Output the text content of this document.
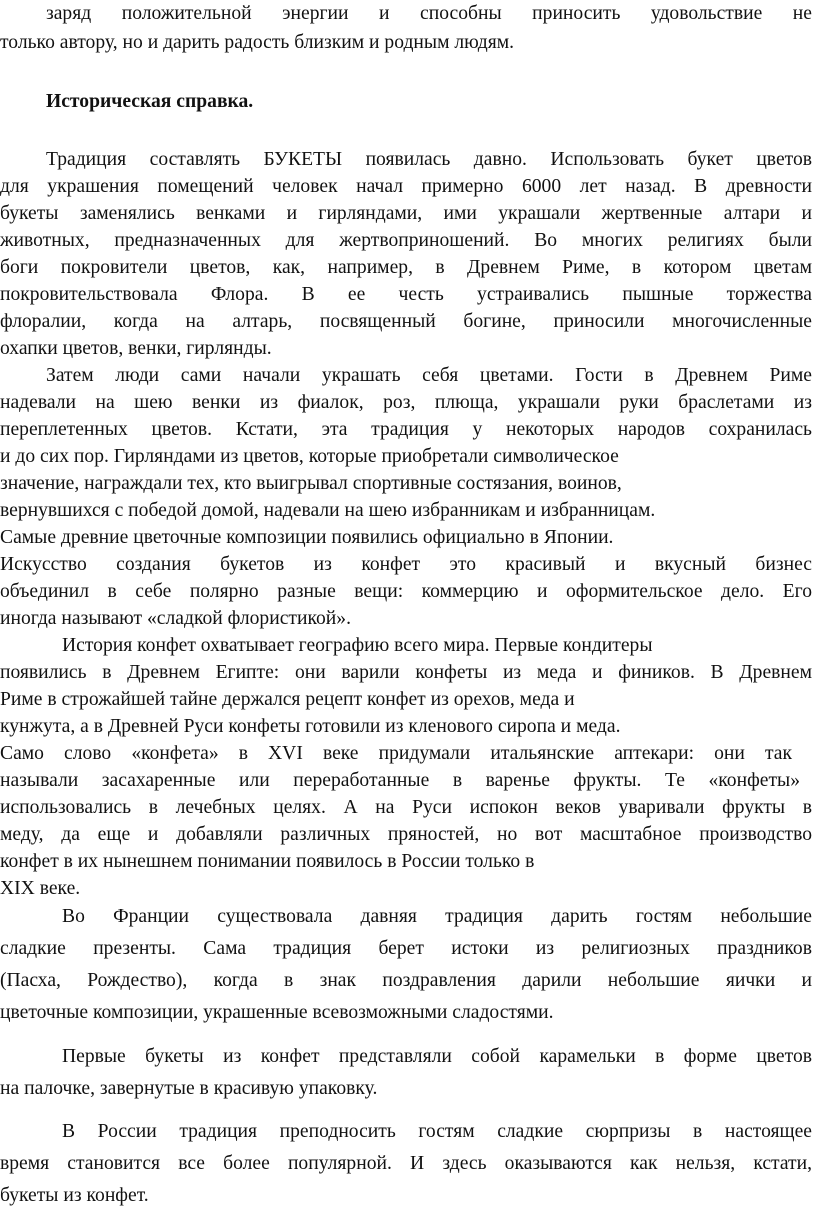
заряд положительной энергии и способны приносить удовольствие не
только автору, но и дарить радость близким и родным людям.
Историческая справка.
Традиция составлять БУКЕТЫ появилась давно. Использовать букет цветов
для украшения помещений человек начал примерно 6000 лет назад. В древности
букеты заменялись венками и гирляндами, ими украшали жертвенные алтари и
животных, предназначенных для жертвоприношений. Во многих религиях были
боги покровители цветов, как, например, в Древнем Риме, в котором цветам
покровительствовала Флора. В ее честь устраивались пышные торжества
флоралии, когда на алтарь, посвященный богине, приносили многочисленные
охапки цветов, венки, гирлянды.
Затем люди сами начали украшать себя цветами. Гости в Древнем Риме
надевали на шею венки из фиалок, роз, плюща, украшали руки браслетами из
переплетенных цветов. Кстати, эта традиция у некоторых народов сохранилась
и до сих пор. Гирляндами из цветов, которые приобретали символическое
значение, награждали тех, кто выигрывал спортивные состязания, воинов,
вернувшихся с победой домой, надевали на шею избранникам и избранницам.
Самые древние цветочные композиции появились официально в Японии.
Искусство создания букетов из конфет это красивый и вкусный бизнес
объединил в себе полярно разные вещи: коммерцию и оформительское дело. Его
иногда называют «сладкой флористикой».
История конфет охватывает географию всего мира. Первые кондитеры
появились в Древнем Египте: они варили конфеты из меда и фиников. В Древнем
Риме в строжайшей тайне держался рецепт конфет из орехов, меда и
кунжута, а в Древней Руси конфеты готовили из кленового сиропа и меда.
Само слово «конфета» в XVI веке придумали итальянские аптекари: они так
называли засахаренные или переработанные в варенье фрукты. Те «конфеты»
использовались в лечебных целях. А на Руси испокон веков уваривали фрукты в
меду, да еще и добавляли различных пряностей, но вот масштабное производство
конфет в их нынешнем понимании появилось в России только в
XIX веке.
Во Франции существовала давняя традиция дарить гостям небольшие
сладкие презенты. Сама традиция берет истоки из религиозных праздников
(Пасха, Рождество), когда в знак поздравления дарили небольшие яички и
цветочные композиции, украшенные всевозможными сладостями.
Первые букеты из конфет представляли собой карамельки в форме цветов
на палочке, завернутые в красивую упаковку.
В России традиция преподносить гостям сладкие сюрпризы в настоящее
время становится все более популярной. И здесь оказываются как нельзя, кстати,
букеты из конфет.
